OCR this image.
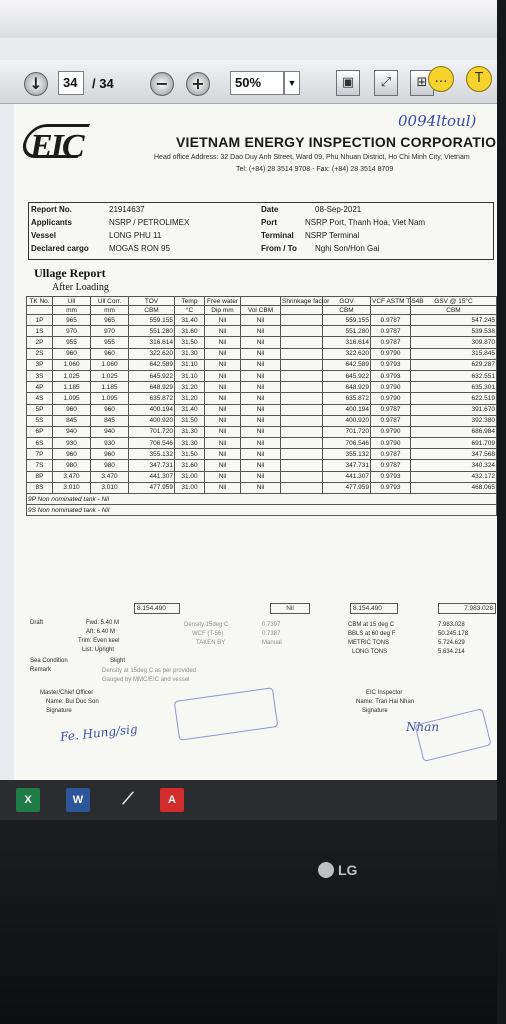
↓	34	/ 34	−	+	50%	▼	▣	⤢	⊞ …	T
0094ltoul)
EIC	VIETNAM ENERGY INSPECTION CORPORATION
Head office Address: 32 Dao Duy Anh Street, Ward 09, Phu Nhuan District, Ho Chi Minh City, Vietnam
Tel: (+84) 28 3514 9708 - Fax: (+84) 28 3514 8709
Report No.	21914637	Date	08-Sep-2021
Applicants	NSRP / PETROLIMEX	Port	NSRP Port, Thanh Hoa, Viet Nam
Vessel	LONG PHU 11	Terminal NSRP Terminal
Declared cargo	MOGAS RON 95	From / To Nghi Son/Hon Gai
Ullage Report
After Loading
TK No.	Ull	Ull Corr.	TOV	Temp	Free water		Shrinkage factor	GOV	VCF ASTM T-54B	GSV @ 15°C
	mm	mm	CBM	°C	Dip mm	Vol CBM		CBM		CBM
1P	965	965	559.155	31.40	Nil	Nil		559.155	0.9787	547.245
1S	970	970	551.280	31.60	Nil	Nil		551.280	0.9787	539.538
2P	955	955	316.614	31.50	Nil	Nil		316.614	0.9787	309.870
2S	960	960	322.620	31.30	Nil	Nil		322.620	0.9790	315.845
3P	1.060	1.060	642.589	31.10	Nil	Nil		642.589	0.9793	629.287
3S	1.025	1.025	645.922	31.10	Nil	Nil		645.922	0.9793	632.551
4P	1.185	1.185	648.929	31.20	Nil	Nil		648.929	0.9790	635.301
4S	1.095	1.095	635.872	31.20	Nil	Nil		635.872	0.9790	622.519
5P	960	960	400.194	31.40	Nil	Nil		400.194	0.9787	391.670
5S	845	845	400.920	31.50	Nil	Nil		400.920	0.9787	392.380
6P	940	940	701.720	31.30	Nil	Nil		701.720	0.9790	686.984
6S	930	930	706.546	31.30	Nil	Nil		706.546	0.9790	691.709
7P	960	960	355.132	31.50	Nil	Nil		355.132	0.9787	347.568
7S	980	980	347.731	31.60	Nil	Nil		347.731	0.9787	340.324
8P	3.470	3.470	441.307	31.00	Nil	Nil		441.307	0.9793	432.172
8S	3.010	3.010	477.959	31.00	Nil	Nil		477.959	0.9793	468.065
9P Non nominated tank - Nil										
9S Non nominated tank - Nil										
8.154.490	Nil	8.154.490	7.983.028
Draft	Fwd: 5.40 M
Aft: 6.40 M
Trim: Even keel
List: Upright
Sea Condition	Slight
Remark	Density at 15deg C as per provided
Gauged by MMC/EIC and vessel
Density 15deg C	0.7397
WCF (T-56)	0.7387
TAKEN BY	Manual
CBM at 15 deg C	7.983.028
BBLS at 60 deg F	50.245.178
METRIC TONS	5.724.629
LONG TONS	5.634.214
Master/Chief Officer
Name: Bui Duc Son
Signature
Fe. Hung/sig
EIC Inspector
Name: Tran Hai Nhan
Signature
Nhan
X	W	⟋	A
LG
